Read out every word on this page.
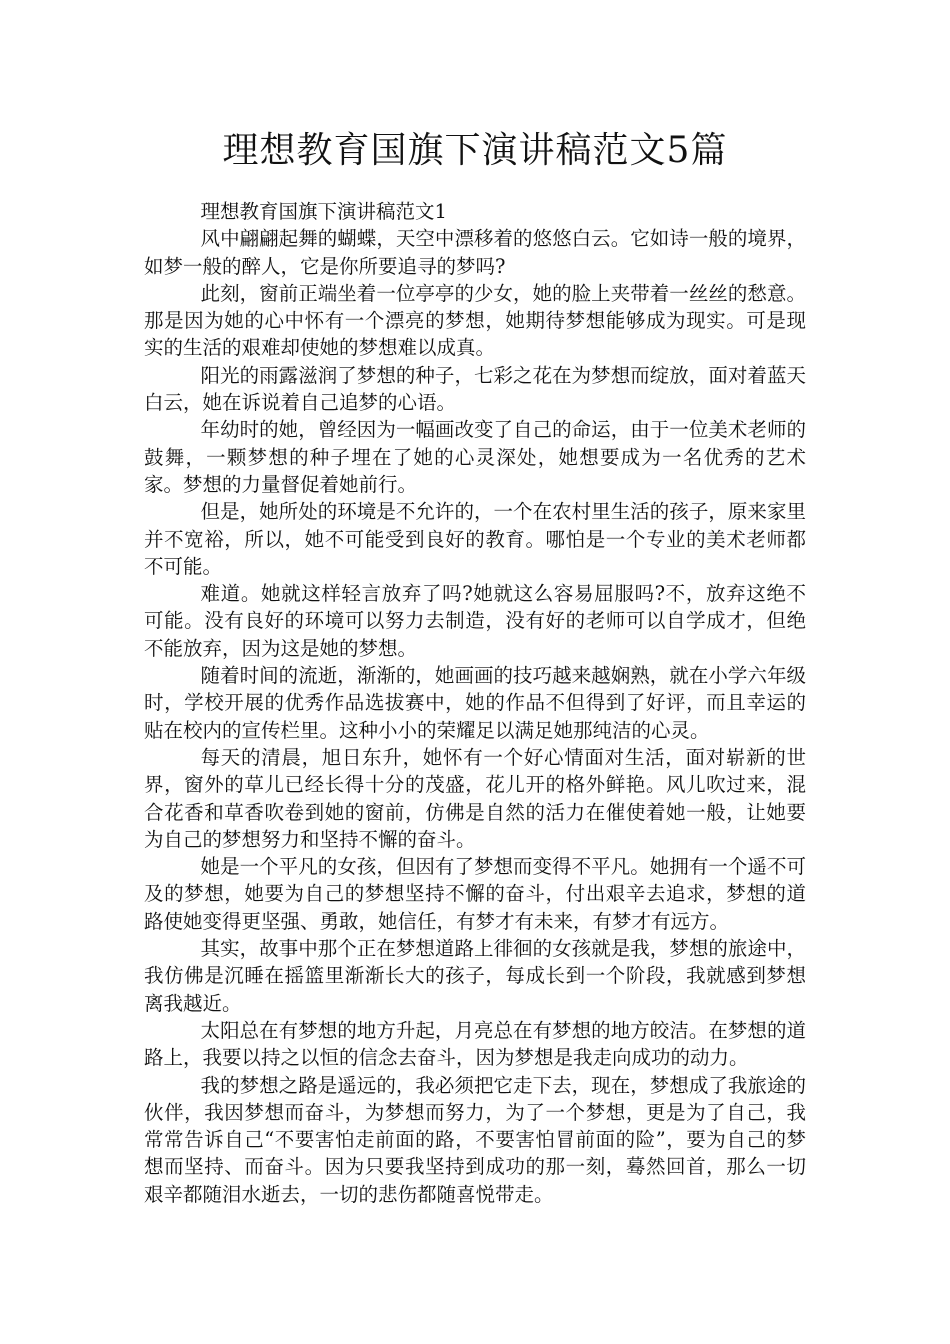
理想教育国旗下演讲稿范文5篇

理想教育国旗下演讲稿范文1

风中翩翩起舞的蝴蝶，天空中漂移着的悠悠白云。它如诗一般的境界，如梦一般的醉人，它是你所要追寻的梦吗?

此刻，窗前正端坐着一位亭亭的少女，她的脸上夹带着一丝丝的愁意。那是因为她的心中怀有一个漂亮的梦想，她期待梦想能够成为现实。可是现实的生活的艰难却使她的梦想难以成真。

阳光的雨露滋润了梦想的种子，七彩之花在为梦想而绽放，面对着蓝天白云，她在诉说着自己追梦的心语。

年幼时的她，曾经因为一幅画改变了自己的命运，由于一位美术老师的鼓舞，一颗梦想的种子埋在了她的心灵深处，她想要成为一名优秀的艺术家。梦想的力量督促着她前行。

但是，她所处的环境是不允许的，一个在农村里生活的孩子，原来家里并不宽裕，所以，她不可能受到良好的教育。哪怕是一个专业的美术老师都不可能。

难道。她就这样轻言放弃了吗?她就这么容易屈服吗?不，放弃这绝不可能。没有良好的环境可以努力去制造，没有好的老师可以自学成才，但绝不能放弃，因为这是她的梦想。

随着时间的流逝，渐渐的，她画画的技巧越来越娴熟，就在小学六年级时，学校开展的优秀作品选拔赛中，她的作品不但得到了好评，而且幸运的贴在校内的宣传栏里。这种小小的荣耀足以满足她那纯洁的心灵。

每天的清晨，旭日东升，她怀有一个好心情面对生活，面对崭新的世界，窗外的草儿已经长得十分的茂盛，花儿开的格外鲜艳。风儿吹过来，混合花香和草香吹卷到她的窗前，仿佛是自然的活力在催使着她一般，让她要为自己的梦想努力和坚持不懈的奋斗。

她是一个平凡的女孩，但因有了梦想而变得不平凡。她拥有一个遥不可及的梦想，她要为自己的梦想坚持不懈的奋斗，付出艰辛去追求，梦想的道路使她变得更坚强、勇敢，她信任，有梦才有未来，有梦才有远方。

其实，故事中那个正在梦想道路上徘徊的女孩就是我，梦想的旅途中，我仿佛是沉睡在摇篮里渐渐长大的孩子，每成长到一个阶段，我就感到梦想离我越近。

太阳总在有梦想的地方升起，月亮总在有梦想的地方皎洁。在梦想的道路上，我要以持之以恒的信念去奋斗，因为梦想是我走向成功的动力。

我的梦想之路是遥远的，我必须把它走下去，现在，梦想成了我旅途的伙伴，我因梦想而奋斗，为梦想而努力，为了一个梦想，更是为了自己，我常常告诉自己“不要害怕走前面的路，不要害怕冒前面的险”，要为自己的梦想而坚持、而奋斗。因为只要我坚持到成功的那一刻，蓦然回首，那么一切艰辛都随泪水逝去，一切的悲伤都随喜悦带走。
